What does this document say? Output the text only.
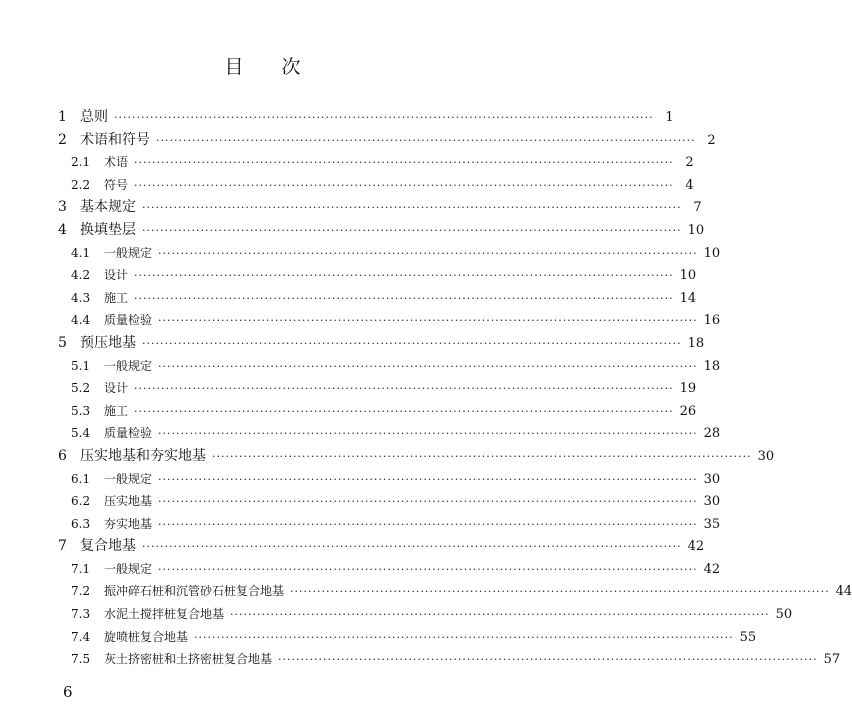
目　　次
1 总则 ························································································································ 1
2 术语和符号 ························································································································ 2
2.1	术语 ························································································································ 2
2.2	符号 ························································································································ 4
3 基本规定 ························································································································ 7
4 换填垫层 ························································································································ 10
4.1	一般规定 ························································································································ 10
4.2	设计 ························································································································ 10
4.3	施工 ························································································································ 14
4.4	质量检验 ························································································································ 16
5 预压地基 ························································································································ 18
5.1	一般规定 ························································································································ 18
5.2	设计 ························································································································ 19
5.3	施工 ························································································································ 26
5.4	质量检验 ························································································································ 28
6 压实地基和夯实地基 ························································································································ 30
6.1	一般规定 ························································································································ 30
6.2	压实地基 ························································································································ 30
6.3	夯实地基 ························································································································ 35
7 复合地基 ························································································································ 42
7.1	一般规定 ························································································································ 42
7.2	振冲碎石桩和沉管砂石桩复合地基 ························································································································ 44
7.3	水泥土搅拌桩复合地基 ························································································································ 50
7.4	旋喷桩复合地基 ························································································································ 55
7.5	灰土挤密桩和土挤密桩复合地基 ························································································································ 57
6
